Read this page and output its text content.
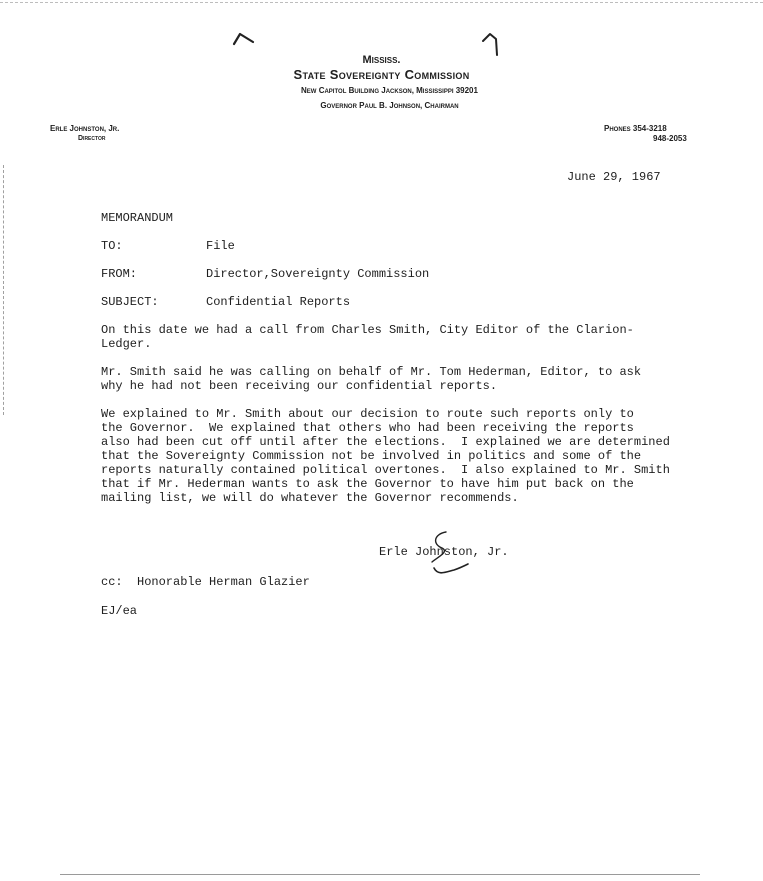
Mississ.
State Sovereignty Commission
New Capitol Building Jackson, Mississippi 39201
Governor Paul B. Johnson, Chairman
Erle Johnston, Jr.
Director
Phones 354-3218
948-2053
June 29, 1967
MEMORANDUM
TO:	File
FROM:	Director,Sovereignty Commission
SUBJECT:	Confidential Reports
On this date we had a call from Charles Smith, City Editor of the Clarion-
Ledger.
Mr. Smith said he was calling on behalf of Mr. Tom Hederman, Editor, to ask
why he had not been receiving our confidential reports.
We explained to Mr. Smith about our decision to route such reports only to
the Governor.  We explained that others who had been receiving the reports
also had been cut off until after the elections.  I explained we are determined
that the Sovereignty Commission not be involved in politics and some of the
reports naturally contained political overtones.  I also explained to Mr. Smith
that if Mr. Hederman wants to ask the Governor to have him put back on the
mailing list, we will do whatever the Governor recommends.
Erle Johnston, Jr.
cc:  Honorable Herman Glazier
EJ/ea
